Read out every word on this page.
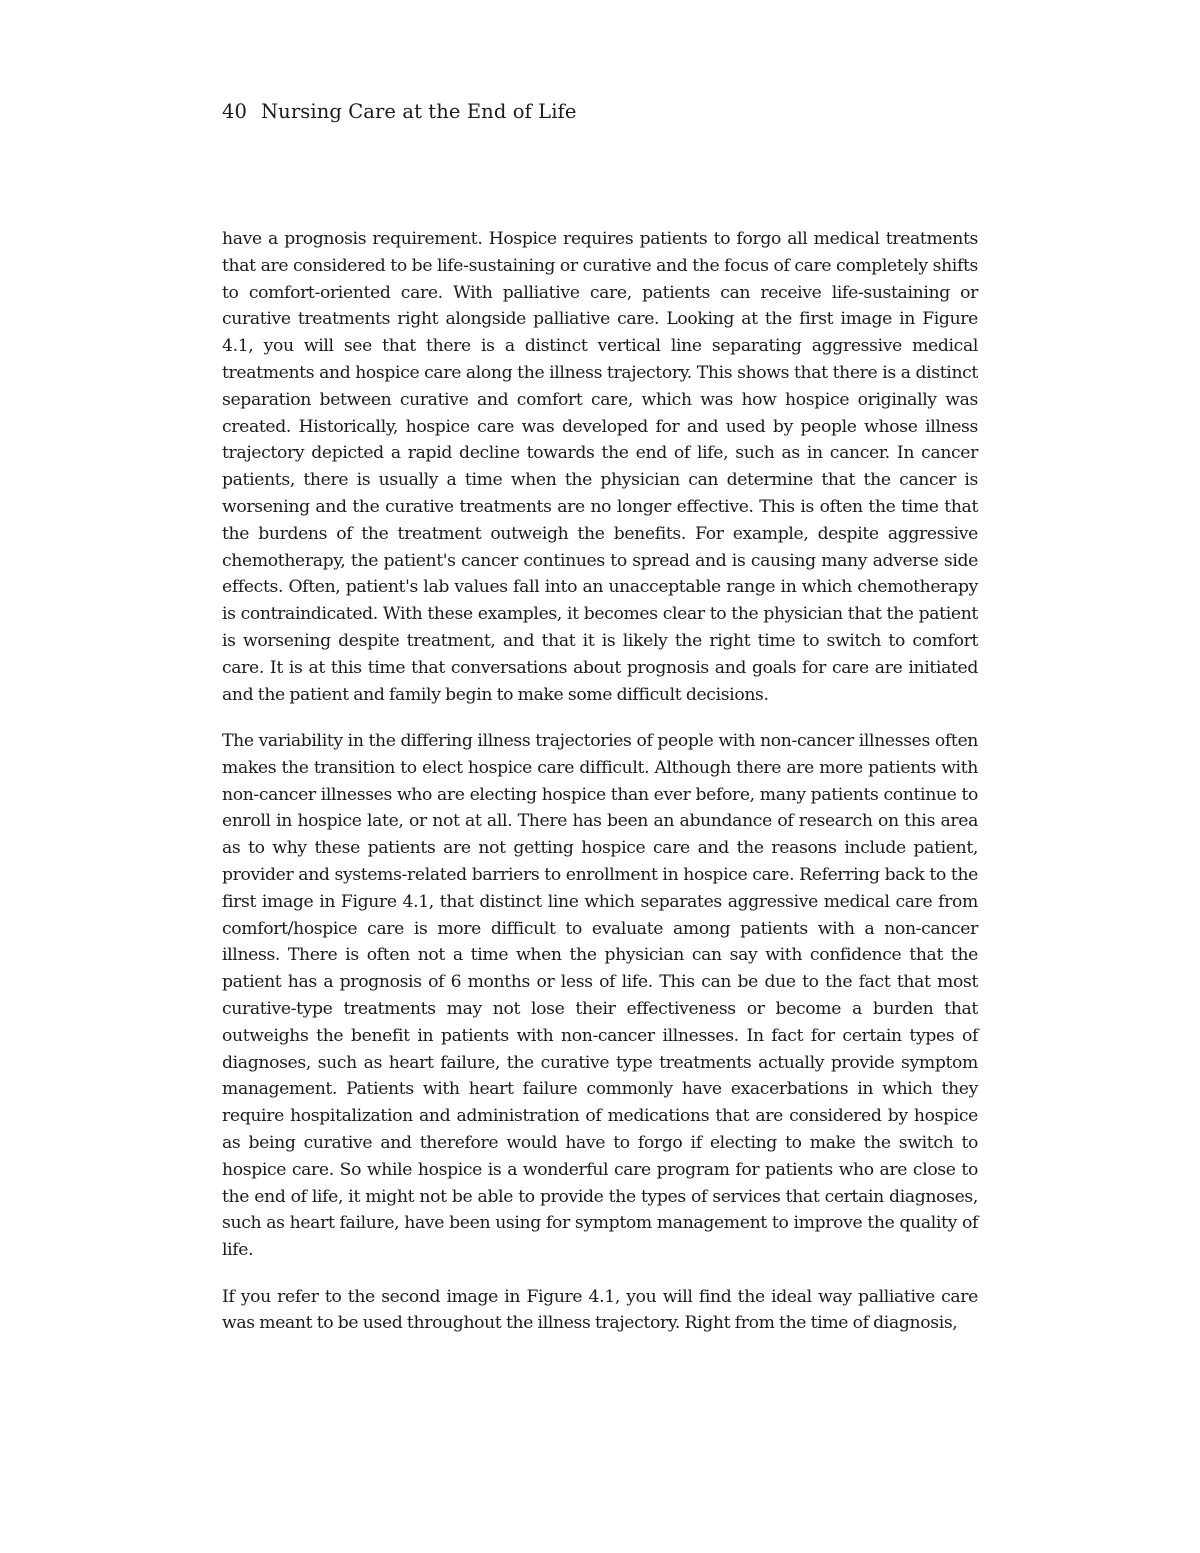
40 Nursing Care at the End of Life

have a prognosis requirement. Hospice requires patients to forgo all medical treatments that are considered to be life-sustaining or curative and the focus of care completely shifts to comfort-oriented care. With palliative care, patients can receive life-sustaining or curative treatments right alongside palliative care. Looking at the first image in Figure 4.1, you will see that there is a distinct vertical line separating aggressive medical treatments and hospice care along the illness trajectory. This shows that there is a distinct separation between curative and comfort care, which was how hospice originally was created. Historically, hospice care was developed for and used by people whose illness trajectory depicted a rapid decline towards the end of life, such as in cancer. In cancer patients, there is usually a time when the physician can determine that the cancer is worsening and the curative treatments are no longer effective. This is often the time that the burdens of the treatment outweigh the benefits. For example, despite aggressive chemotherapy, the patient's cancer continues to spread and is causing many adverse side effects. Often, patient's lab values fall into an unacceptable range in which chemotherapy is contraindicated. With these examples, it becomes clear to the physician that the patient is worsening despite treatment, and that it is likely the right time to switch to comfort care. It is at this time that conversations about prognosis and goals for care are initiated and the patient and family begin to make some difficult decisions.

The variability in the differing illness trajectories of people with non-cancer illnesses often makes the transition to elect hospice care difficult. Although there are more patients with non-cancer illnesses who are electing hospice than ever before, many patients continue to enroll in hospice late, or not at all. There has been an abundance of research on this area as to why these patients are not getting hospice care and the reasons include patient, provider and systems-related barriers to enrollment in hospice care. Referring back to the first image in Figure 4.1, that distinct line which separates aggressive medical care from comfort/hospice care is more difficult to evaluate among patients with a non-cancer illness. There is often not a time when the physician can say with confidence that the patient has a prognosis of 6 months or less of life. This can be due to the fact that most curative-type treatments may not lose their effectiveness or become a burden that outweighs the benefit in patients with non-cancer illnesses. In fact for certain types of diagnoses, such as heart failure, the curative type treatments actually provide symptom management. Patients with heart failure commonly have exacerbations in which they require hospitalization and administration of medications that are considered by hospice as being curative and therefore would have to forgo if electing to make the switch to hospice care. So while hospice is a wonderful care program for patients who are close to the end of life, it might not be able to provide the types of services that certain diagnoses, such as heart failure, have been using for symptom management to improve the quality of life.

If you refer to the second image in Figure 4.1, you will find the ideal way palliative care was meant to be used throughout the illness trajectory. Right from the time of diagnosis,
